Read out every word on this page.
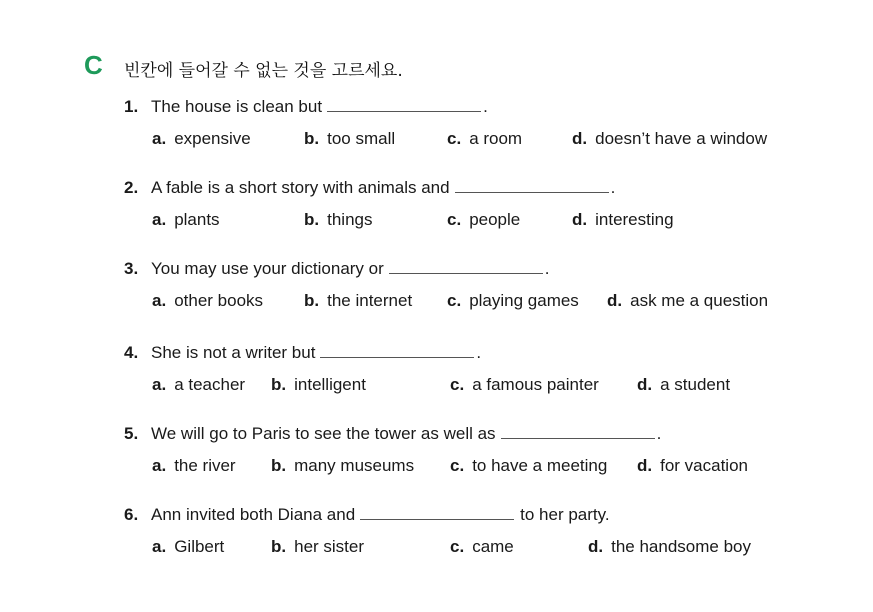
C 빈칸에 들어갈 수 없는 것을 고르세요.
1. The house is clean but	.
a. expensive	b. too small	c. a room	d. doesn’t have a window
2. A fable is a short story with animals and	.
a. plants	b. things	c. people	d. interesting
3. You may use your dictionary or	.
a. other books b. the internet c. playing games d. ask me a question
4. She is not a writer but	.
a. a teacher b. intelligent	c. a famous painter d. a student
5. We will go to Paris to see the tower as well as	.
a. the river b. many museums c. to have a meeting d. for vacation
6. Ann invited both Diana and	to her party.
a. Gilbert	b. her sister	c. came	d. the handsome boy
